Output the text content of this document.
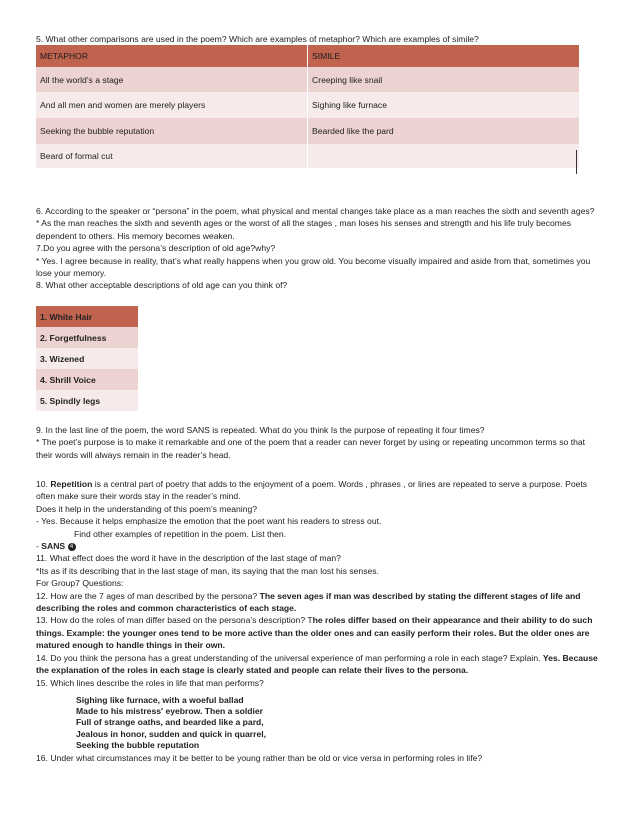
5. What other comparisons are used in the poem? Which are examples of metaphor? Which are examples of simile?
METAPHOR	SIMILE
All the world’s a stage	Creeping like snail
And all men and women are merely players	Sighing like furnace
Seeking the bubble reputation	Bearded like the pard
Beard of formal cut	
6. According to the speaker or “persona” in the poem, what physical and mental changes take place as a man reaches the sixth and seventh ages?
* As the man reaches the sixth and seventh ages or the worst of all the stages , man loses his senses and strength and his life truly becomes dependent to others. His memory becomes weaken.
7.Do you agree with the persona’s description of old age?why?
* Yes. I agree because in reality, that’s what really happens when you grow old. You become visually impaired and aside from that, sometimes you lose your memory.
8. What other acceptable descriptions of old age can you think of?
1. White Hair
2. Forgetfulness
3. Wizened
4. Shrill Voice
5. Spindly legs
9. In the last line of the poem, the word SANS is repeated. What do you think Is the purpose of repeating it four times?
* The poet’s purpose is to make it remarkable and one of the poem that a reader can never forget by using or repeating uncommon terms so that their words will always remain in the reader’s head.
10. Repetition is a central part of poetry that adds to the enjoyment of a poem. Words , phrases , or lines are repeated to serve a purpose. Poets often make sure their words stay in the reader’s mind.
Does it help in the understanding of this poem’s meaning?
- Yes. Because it helps emphasize the emotion that the poet want his readers to stress out.
Find other examples of repetition in the poem. List then.
- SANS 4
11. What effect does the word it have in the description of the last stage of man?
*Its as if its describing that in the last stage of man, its saying that the man lost his senses.
For Group7 Questions:
12. How are the 7 ages of man described by the persona? The seven ages if man was described by stating the different stages of life and describing the roles and common characteristics of each stage.
13. How do the roles of man differ based on the persona’s description? The roles differ based on their appearance and their ability to do such things. Example: the younger ones tend to be more active than the older ones and can easily perform their roles. But the older ones are matured enough to handle things in their own.
14. Do you think the persona has a great understanding of the universal experience of man performing a role in each stage? Explain. Yes. Because the explanation of the roles in each stage is clearly stated and people can relate their lives to the persona.
15. Which lines describe the roles in life that man performs?
Sighing like furnace, with a woeful ballad
Made to his mistress' eyebrow. Then a soldier
Full of strange oaths, and bearded like a pard,
Jealous in honor, sudden and quick in quarrel,
Seeking the bubble reputation
16. Under what circumstances may it be better to be young rather than be old or vice versa in performing roles in life?
